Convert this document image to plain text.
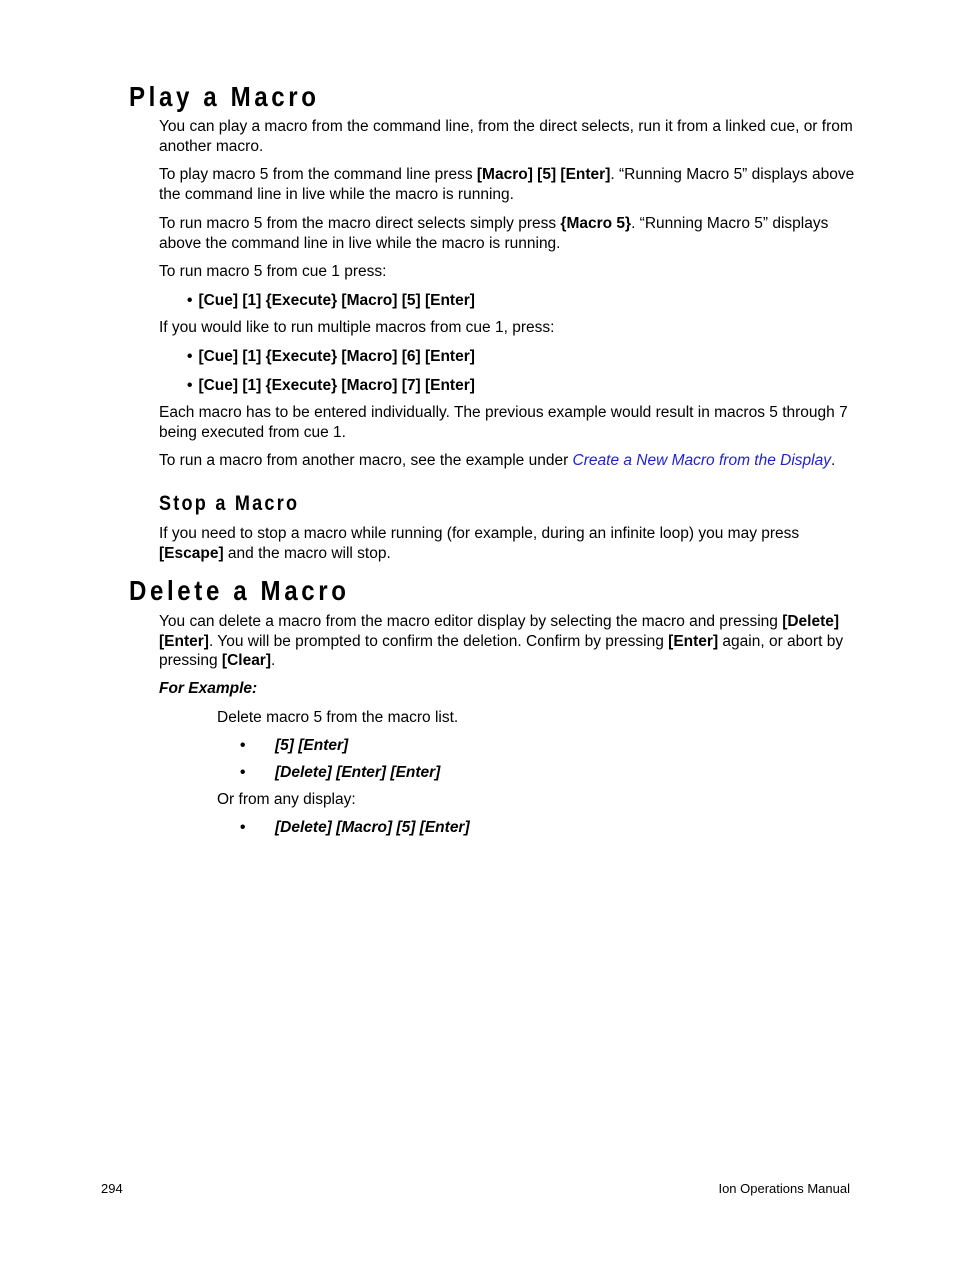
Play a Macro

You can play a macro from the command line, from the direct selects, run it from a linked cue, or from another macro.

To play macro 5 from the command line press [Macro] [5] [Enter]. “Running Macro 5” displays above the command line in live while the macro is running.

To run macro 5 from the macro direct selects simply press {Macro 5}. “Running Macro 5” displays above the command line in live while the macro is running.

To run macro 5 from cue 1 press:

• [Cue] [1] {Execute} [Macro] [5] [Enter]

If you would like to run multiple macros from cue 1, press:

• [Cue] [1] {Execute} [Macro] [6] [Enter]

• [Cue] [1] {Execute} [Macro] [7] [Enter]

Each macro has to be entered individually. The previous example would result in macros 5 through 7 being executed from cue 1.

To run a macro from another macro, see the example under Create a New Macro from the Display.

Stop a Macro

If you need to stop a macro while running (for example, during an infinite loop) you may press [Escape] and the macro will stop.

Delete a Macro

You can delete a macro from the macro editor display by selecting the macro and pressing [Delete] [Enter]. You will be prompted to confirm the deletion. Confirm by pressing [Enter] again, or abort by pressing [Clear].

For Example:

Delete macro 5 from the macro list.

• [5] [Enter]

• [Delete] [Enter] [Enter]

Or from any display:

• [Delete] [Macro] [5] [Enter]

294	Ion Operations Manual
